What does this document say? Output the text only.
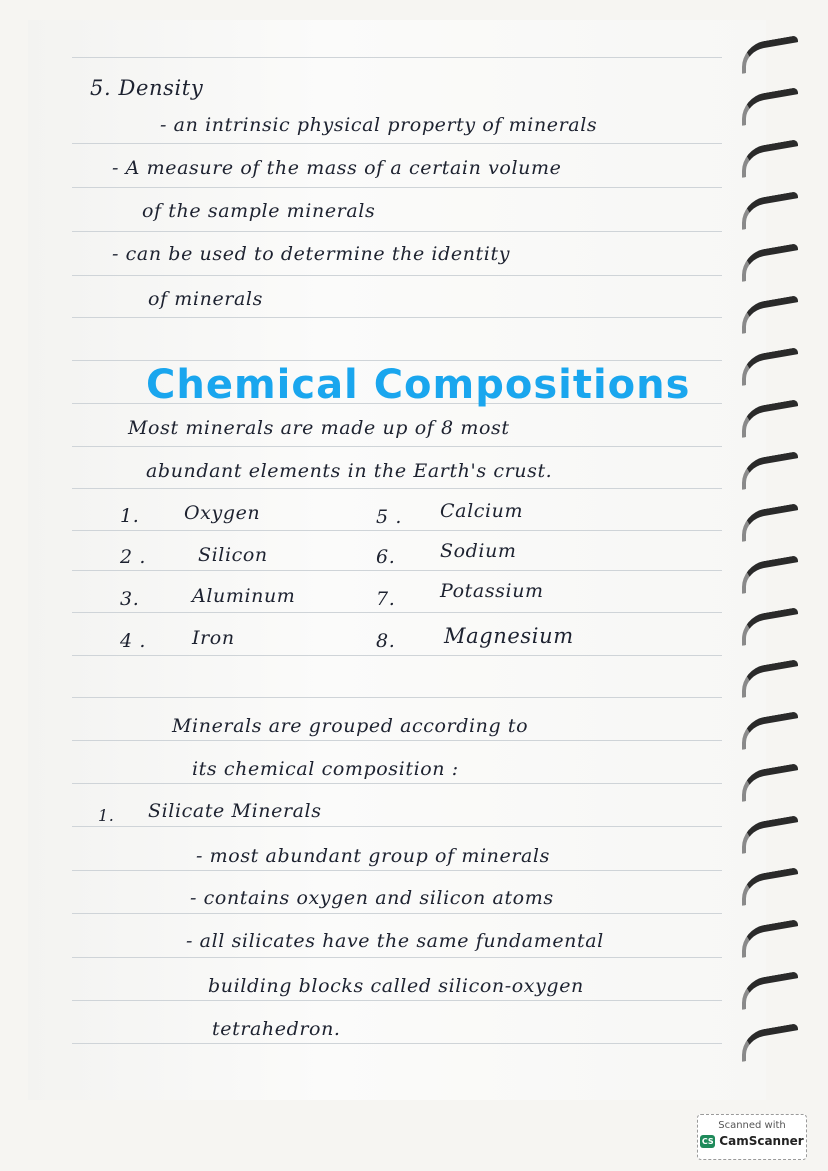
5. Density
- an intrinsic physical property of minerals
- A measure of the mass of a certain volume
of the sample minerals
- can be used to determine the identity
of minerals
Chemical Compositions
Most minerals are made up of 8 most
abundant elements in the Earth's crust.
1. Oxygen
2 .	Silicon
3.	Aluminum
4 . Iron
5 . Calcium
6. Sodium
7. Potassium
8. Magnesium
Minerals are grouped according to
its chemical composition :
1. Silicate Minerals
- most abundant group of minerals
- contains oxygen and silicon atoms
- all silicates have the same fundamental
building blocks called silicon-oxygen
tetrahedron.
Scanned with
CS CamScanner
